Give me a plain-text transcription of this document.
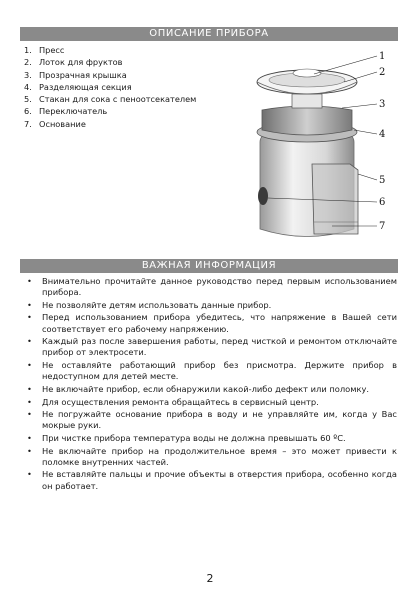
ОПИСАНИЕ ПРИБОРА
1. Пресс
2. Лоток для фруктов
3. Прозрачная крышка
4. Разделяющая секция
5. Стакан для сока с пеноотсекателем
6. Переключатель
7. Основание
1
2
3
4
5
6
7
ВАЖНАЯ ИНФОРМАЦИЯ
• Внимательно прочитайте данное руководство перед первым использованием прибора.
• Не позволяйте детям использовать данные прибор.
• Перед использованием прибора убедитесь, что напряжение в Вашей сети соответствует его рабочему напряжению.
• Каждый раз после завершения работы, перед чисткой и ремонтом отключайте прибор от электросети.
• Не оставляйте работающий прибор без присмотра. Держите прибор в недоступном для детей месте.
• Не включайте прибор, если обнаружили какой-либо дефект или поломку.
• Для осуществления ремонта обращайтесь в сервисный центр.
• Не погружайте основание прибора в воду и не управляйте им, когда у Вас мокрые руки.
• При чистке прибора температура воды не должна превышать 60 ºC.
• Не включайте прибор на продолжительное время – это может привести к поломке внутренних частей.
• Не вставляйте пальцы и прочие объекты в отверстия прибора, особенно когда он работает.
2
